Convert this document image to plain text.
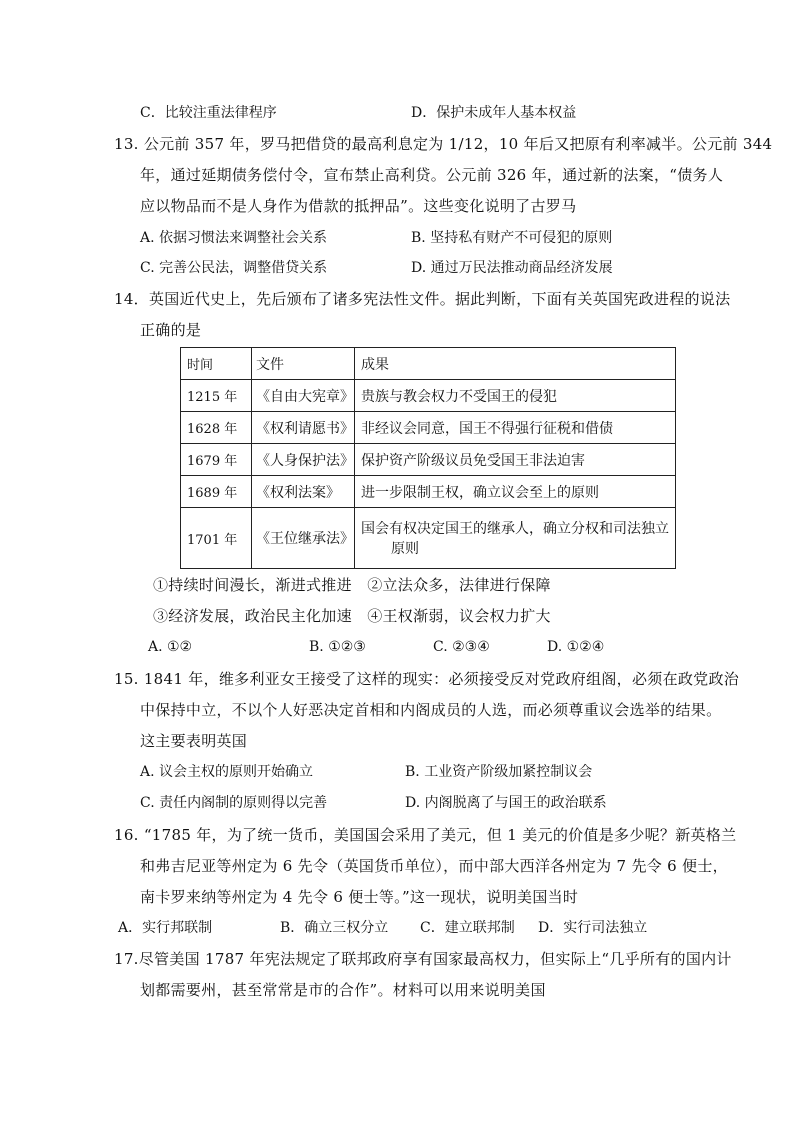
C．比较注重法律程序	D．保护未成年人基本权益
13. 公元前 357 年，罗马把借贷的最高利息定为 1/12，10 年后又把原有利率减半。公元前 344
年，通过延期债务偿付令，宣布禁止高利贷。公元前 326 年，通过新的法案，“债务人
应以物品而不是人身作为借款的抵押品”。这些变化说明了古罗马
A. 依据习惯法来调整社会关系	B. 坚持私有财产不可侵犯的原则
C. 完善公民法，调整借贷关系	D. 通过万民法推动商品经济发展
14．英国近代史上，先后颁布了诸多宪法性文件。据此判断，下面有关英国宪政进程的说法
正确的是
时间	文件	成果
1215 年	《自由大宪章》	贵族与教会权力不受国王的侵犯
1628 年	《权利请愿书》	非经议会同意，国王不得强行征税和借债
1679 年	《人身保护法》	保护资产阶级议员免受国王非法迫害
1689 年	《权利法案》	进一步限制王权，确立议会至上的原则
1701 年	《王位继承法》	国会有权决定国王的继承人，确立分权和司法独立
原则
①持续时间漫长，渐进式推进　②立法众多，法律进行保障
③经济发展，政治民主化加速　④王权渐弱，议会权力扩大
A. ①②	B. ①②③	C. ②③④	D. ①②④
15. 1841 年，维多利亚女王接受了这样的现实：必须接受反对党政府组阁，必须在政党政治
中保持中立，不以个人好恶决定首相和内阁成员的人选，而必须尊重议会选举的结果。
这主要表明英国
A. 议会主权的原则开始确立	B. 工业资产阶级加紧控制议会
C. 责任内阁制的原则得以完善	D. 内阁脱离了与国王的政治联系
16. “1785 年，为了统一货币，美国国会采用了美元，但 1 美元的价值是多少呢？新英格兰
和弗吉尼亚等州定为 6 先令（英国货币单位），而中部大西洋各州定为 7 先令 6 便士，
南卡罗来纳等州定为 4 先令 6 便士等。”这一现状，说明美国当时
A．实行邦联制	B．确立三权分立 C．建立联邦制 D．实行司法独立
17.尽管美国 1787 年宪法规定了联邦政府享有国家最高权力，但实际上“几乎所有的国内计
划都需要州，甚至常常是市的合作”。材料可以用来说明美国
